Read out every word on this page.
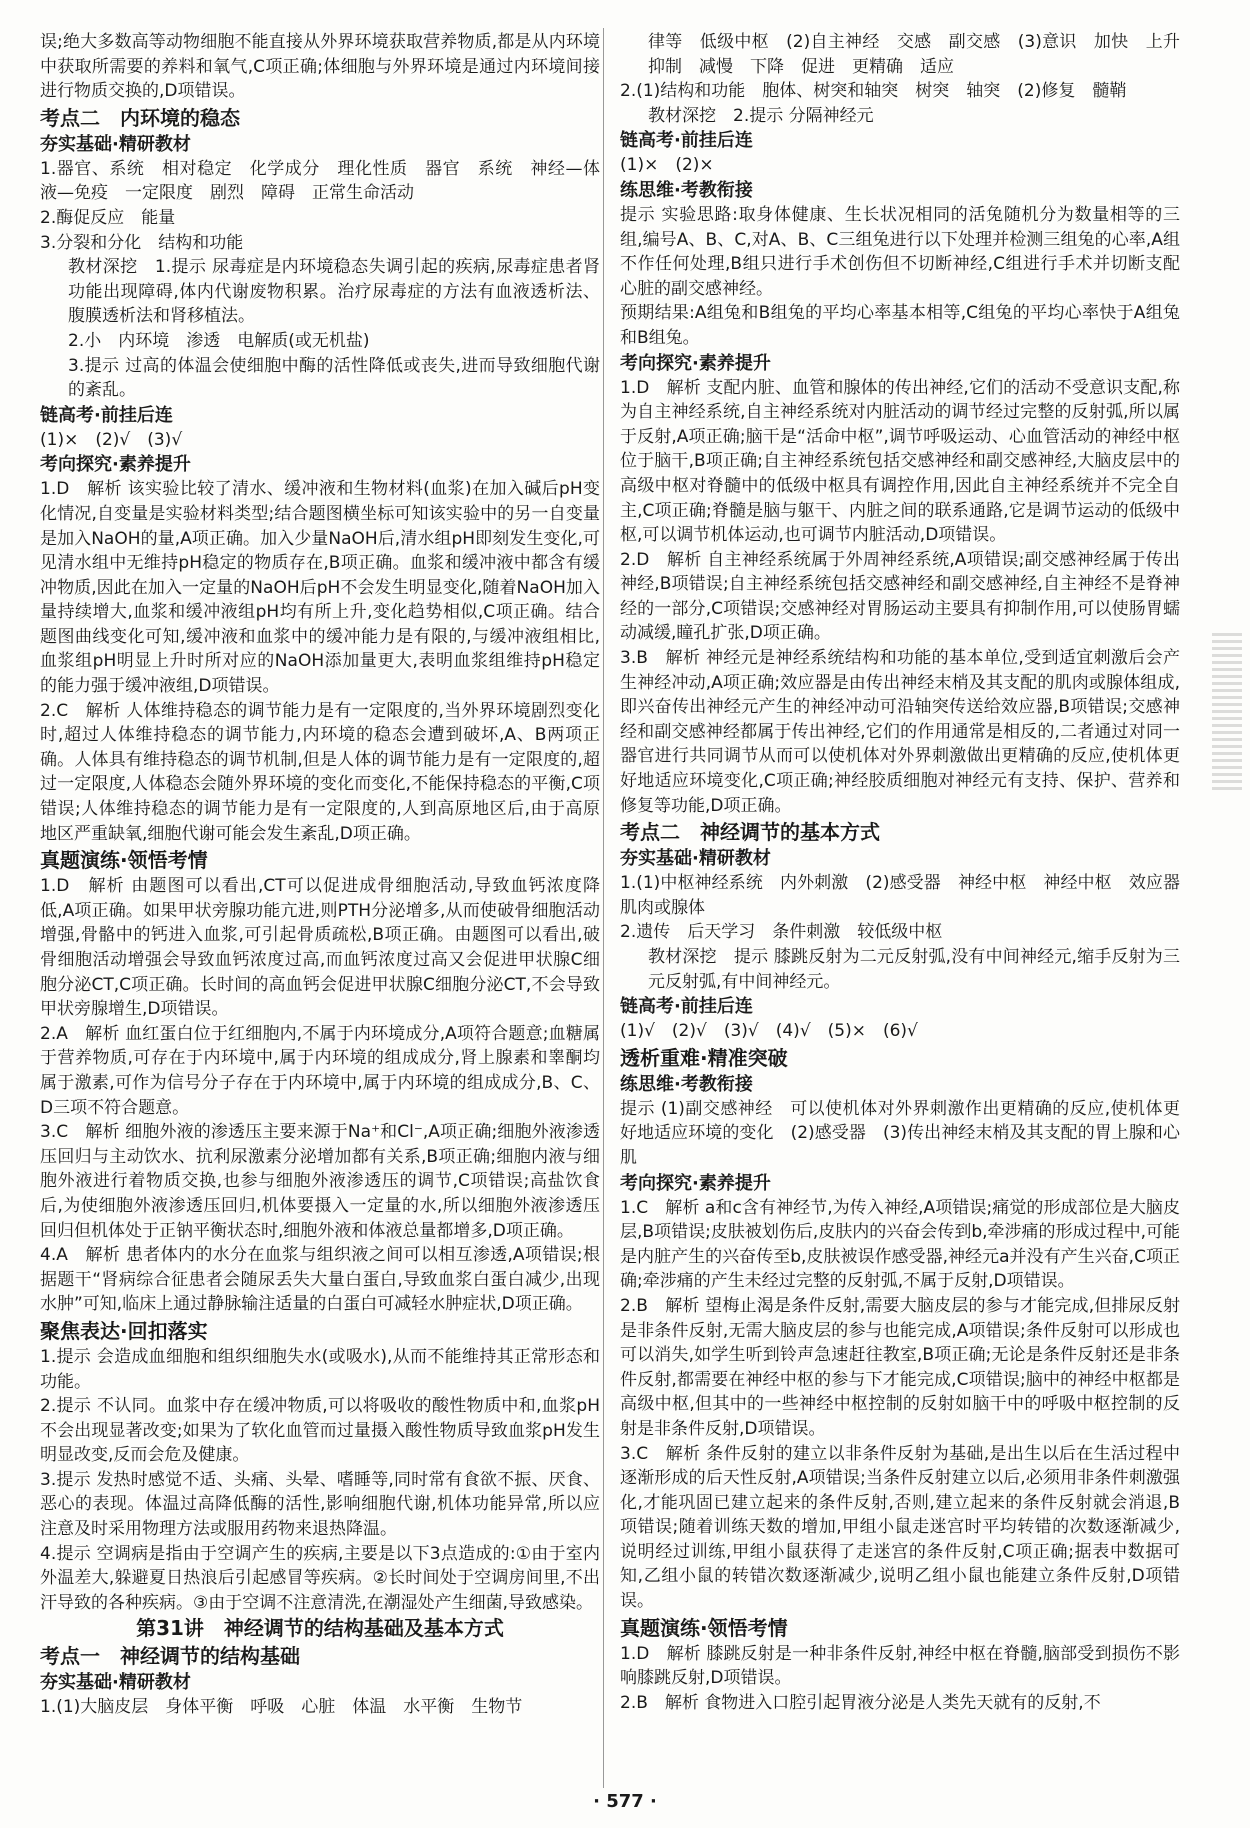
误;绝大多数高等动物细胞不能直接从外界环境获取营养物质,都是从内环境中获取所需要的养料和氧气,C项正确;体细胞与外界环境是通过内环境间接进行物质交换的,D项错误。

考点二　内环境的稳态

夯实基础·精研教材

1.器官、系统　相对稳定　化学成分　理化性质　器官　系统　神经—体液—免疫　一定限度　剧烈　障碍　正常生命活动

2.酶促反应　能量

3.分裂和分化　结构和功能

教材深挖　1.提示 尿毒症是内环境稳态失调引起的疾病,尿毒症患者肾功能出现障碍,体内代谢废物积累。治疗尿毒症的方法有血液透析法、腹膜透析法和肾移植法。

2.小　内环境　渗透　电解质(或无机盐)

3.提示 过高的体温会使细胞中酶的活性降低或丧失,进而导致细胞代谢的紊乱。

链高考·前挂后连

(1)×　(2)√　(3)√

考向探究·素养提升

1.D　解析 该实验比较了清水、缓冲液和生物材料(血浆)在加入碱后pH变化情况,自变量是实验材料类型;结合题图横坐标可知该实验中的另一自变量是加入NaOH的量,A项正确。加入少量NaOH后,清水组pH即刻发生变化,可见清水组中无维持pH稳定的物质存在,B项正确。血浆和缓冲液中都含有缓冲物质,因此在加入一定量的NaOH后pH不会发生明显变化,随着NaOH加入量持续增大,血浆和缓冲液组pH均有所上升,变化趋势相似,C项正确。结合题图曲线变化可知,缓冲液和血浆中的缓冲能力是有限的,与缓冲液组相比,血浆组pH明显上升时所对应的NaOH添加量更大,表明血浆组维持pH稳定的能力强于缓冲液组,D项错误。

2.C　解析 人体维持稳态的调节能力是有一定限度的,当外界环境剧烈变化时,超过人体维持稳态的调节能力,内环境的稳态会遭到破坏,A、B两项正确。人体具有维持稳态的调节机制,但是人体的调节能力是有一定限度的,超过一定限度,人体稳态会随外界环境的变化而变化,不能保持稳态的平衡,C项错误;人体维持稳态的调节能力是有一定限度的,人到高原地区后,由于高原地区严重缺氧,细胞代谢可能会发生紊乱,D项正确。

真题演练·领悟考情

1.D　解析 由题图可以看出,CT可以促进成骨细胞活动,导致血钙浓度降低,A项正确。如果甲状旁腺功能亢进,则PTH分泌增多,从而使破骨细胞活动增强,骨骼中的钙进入血浆,可引起骨质疏松,B项正确。由题图可以看出,破骨细胞活动增强会导致血钙浓度过高,而血钙浓度过高又会促进甲状腺C细胞分泌CT,C项正确。长时间的高血钙会促进甲状腺C细胞分泌CT,不会导致甲状旁腺增生,D项错误。

2.A　解析 血红蛋白位于红细胞内,不属于内环境成分,A项符合题意;血糖属于营养物质,可存在于内环境中,属于内环境的组成成分,肾上腺素和睾酮均属于激素,可作为信号分子存在于内环境中,属于内环境的组成成分,B、C、D三项不符合题意。

3.C　解析 细胞外液的渗透压主要来源于Na⁺和Cl⁻,A项正确;细胞外液渗透压回归与主动饮水、抗利尿激素分泌增加都有关系,B项正确;细胞内液与细胞外液进行着物质交换,也参与细胞外液渗透压的调节,C项错误;高盐饮食后,为使细胞外液渗透压回归,机体要摄入一定量的水,所以细胞外液渗透压回归但机体处于正钠平衡状态时,细胞外液和体液总量都增多,D项正确。

4.A　解析 患者体内的水分在血浆与组织液之间可以相互渗透,A项错误;根据题干“肾病综合征患者会随尿丢失大量白蛋白,导致血浆白蛋白减少,出现水肿”可知,临床上通过静脉输注适量的白蛋白可减轻水肿症状,D项正确。

聚焦表达·回扣落实

1.提示 会造成血细胞和组织细胞失水(或吸水),从而不能维持其正常形态和功能。

2.提示 不认同。血浆中存在缓冲物质,可以将吸收的酸性物质中和,血浆pH不会出现显著改变;如果为了软化血管而过量摄入酸性物质导致血浆pH发生明显改变,反而会危及健康。

3.提示 发热时感觉不适、头痛、头晕、嗜睡等,同时常有食欲不振、厌食、恶心的表现。体温过高降低酶的活性,影响细胞代谢,机体功能异常,所以应注意及时采用物理方法或服用药物来退热降温。

4.提示 空调病是指由于空调产生的疾病,主要是以下3点造成的:①由于室内外温差大,躲避夏日热浪后引起感冒等疾病。②长时间处于空调房间里,不出汗导致的各种疾病。③由于空调不注意清洗,在潮湿处产生细菌,导致感染。

第31讲　神经调节的结构基础及基本方式

考点一　神经调节的结构基础

夯实基础·精研教材

1.(1)大脑皮层　身体平衡　呼吸　心脏　体温　水平衡　生物节

律等　低级中枢　(2)自主神经　交感　副交感　(3)意识　加快　上升　抑制　减慢　下降　促进　更精确　适应

2.(1)结构和功能　胞体、树突和轴突　树突　轴突　(2)修复　髓鞘

教材深挖　2.提示 分隔神经元

链高考·前挂后连

(1)×　(2)×

练思维·考教衔接

提示 实验思路:取身体健康、生长状况相同的活兔随机分为数量相等的三组,编号A、B、C,对A、B、C三组兔进行以下处理并检测三组兔的心率,A组不作任何处理,B组只进行手术创伤但不切断神经,C组进行手术并切断支配心脏的副交感神经。

预期结果:A组兔和B组兔的平均心率基本相等,C组兔的平均心率快于A组兔和B组兔。

考向探究·素养提升

1.D　解析 支配内脏、血管和腺体的传出神经,它们的活动不受意识支配,称为自主神经系统,自主神经系统对内脏活动的调节经过完整的反射弧,所以属于反射,A项正确;脑干是“活命中枢”,调节呼吸运动、心血管活动的神经中枢位于脑干,B项正确;自主神经系统包括交感神经和副交感神经,大脑皮层中的高级中枢对脊髓中的低级中枢具有调控作用,因此自主神经系统并不完全自主,C项正确;脊髓是脑与躯干、内脏之间的联系通路,它是调节运动的低级中枢,可以调节机体运动,也可调节内脏活动,D项错误。

2.D　解析 自主神经系统属于外周神经系统,A项错误;副交感神经属于传出神经,B项错误;自主神经系统包括交感神经和副交感神经,自主神经不是脊神经的一部分,C项错误;交感神经对胃肠运动主要具有抑制作用,可以使肠胃蠕动减缓,瞳孔扩张,D项正确。

3.B　解析 神经元是神经系统结构和功能的基本单位,受到适宜刺激后会产生神经冲动,A项正确;效应器是由传出神经末梢及其支配的肌肉或腺体组成,即兴奋传出神经元产生的神经冲动可沿轴突传送给效应器,B项错误;交感神经和副交感神经都属于传出神经,它们的作用通常是相反的,二者通过对同一器官进行共同调节从而可以使机体对外界刺激做出更精确的反应,使机体更好地适应环境变化,C项正确;神经胶质细胞对神经元有支持、保护、营养和修复等功能,D项正确。

考点二　神经调节的基本方式

夯实基础·精研教材

1.(1)中枢神经系统　内外刺激　(2)感受器　神经中枢　神经中枢　效应器　肌肉或腺体

2.遗传　后天学习　条件刺激　较低级中枢

教材深挖　提示 膝跳反射为二元反射弧,没有中间神经元,缩手反射为三元反射弧,有中间神经元。

链高考·前挂后连

(1)√　(2)√　(3)√　(4)√　(5)×　(6)√

透析重难·精准突破

练思维·考教衔接

提示 (1)副交感神经　可以使机体对外界刺激作出更精确的反应,使机体更好地适应环境的变化　(2)感受器　(3)传出神经末梢及其支配的胃上腺和心肌

考向探究·素养提升

1.C　解析 a和c含有神经节,为传入神经,A项错误;痛觉的形成部位是大脑皮层,B项错误;皮肤被划伤后,皮肤内的兴奋会传到b,牵涉痛的形成过程中,可能是内脏产生的兴奋传至b,皮肤被误作感受器,神经元a并没有产生兴奋,C项正确;牵涉痛的产生未经过完整的反射弧,不属于反射,D项错误。

2.B　解析 望梅止渴是条件反射,需要大脑皮层的参与才能完成,但排尿反射是非条件反射,无需大脑皮层的参与也能完成,A项错误;条件反射可以形成也可以消失,如学生听到铃声急速赶往教室,B项正确;无论是条件反射还是非条件反射,都需要在神经中枢的参与下才能完成,C项错误;脑中的神经中枢都是高级中枢,但其中的一些神经中枢控制的反射如脑干中的呼吸中枢控制的反射是非条件反射,D项错误。

3.C　解析 条件反射的建立以非条件反射为基础,是出生以后在生活过程中逐渐形成的后天性反射,A项错误;当条件反射建立以后,必须用非条件刺激强化,才能巩固已建立起来的条件反射,否则,建立起来的条件反射就会消退,B项错误;随着训练天数的增加,甲组小鼠走迷宫时平均转错的次数逐渐减少,说明经过训练,甲组小鼠获得了走迷宫的条件反射,C项正确;据表中数据可知,乙组小鼠的转错次数逐渐减少,说明乙组小鼠也能建立条件反射,D项错误。

真题演练·领悟考情

1.D　解析 膝跳反射是一种非条件反射,神经中枢在脊髓,脑部受到损伤不影响膝跳反射,D项错误。

2.B　解析 食物进入口腔引起胃液分泌是人类先天就有的反射,不

· 577 ·
